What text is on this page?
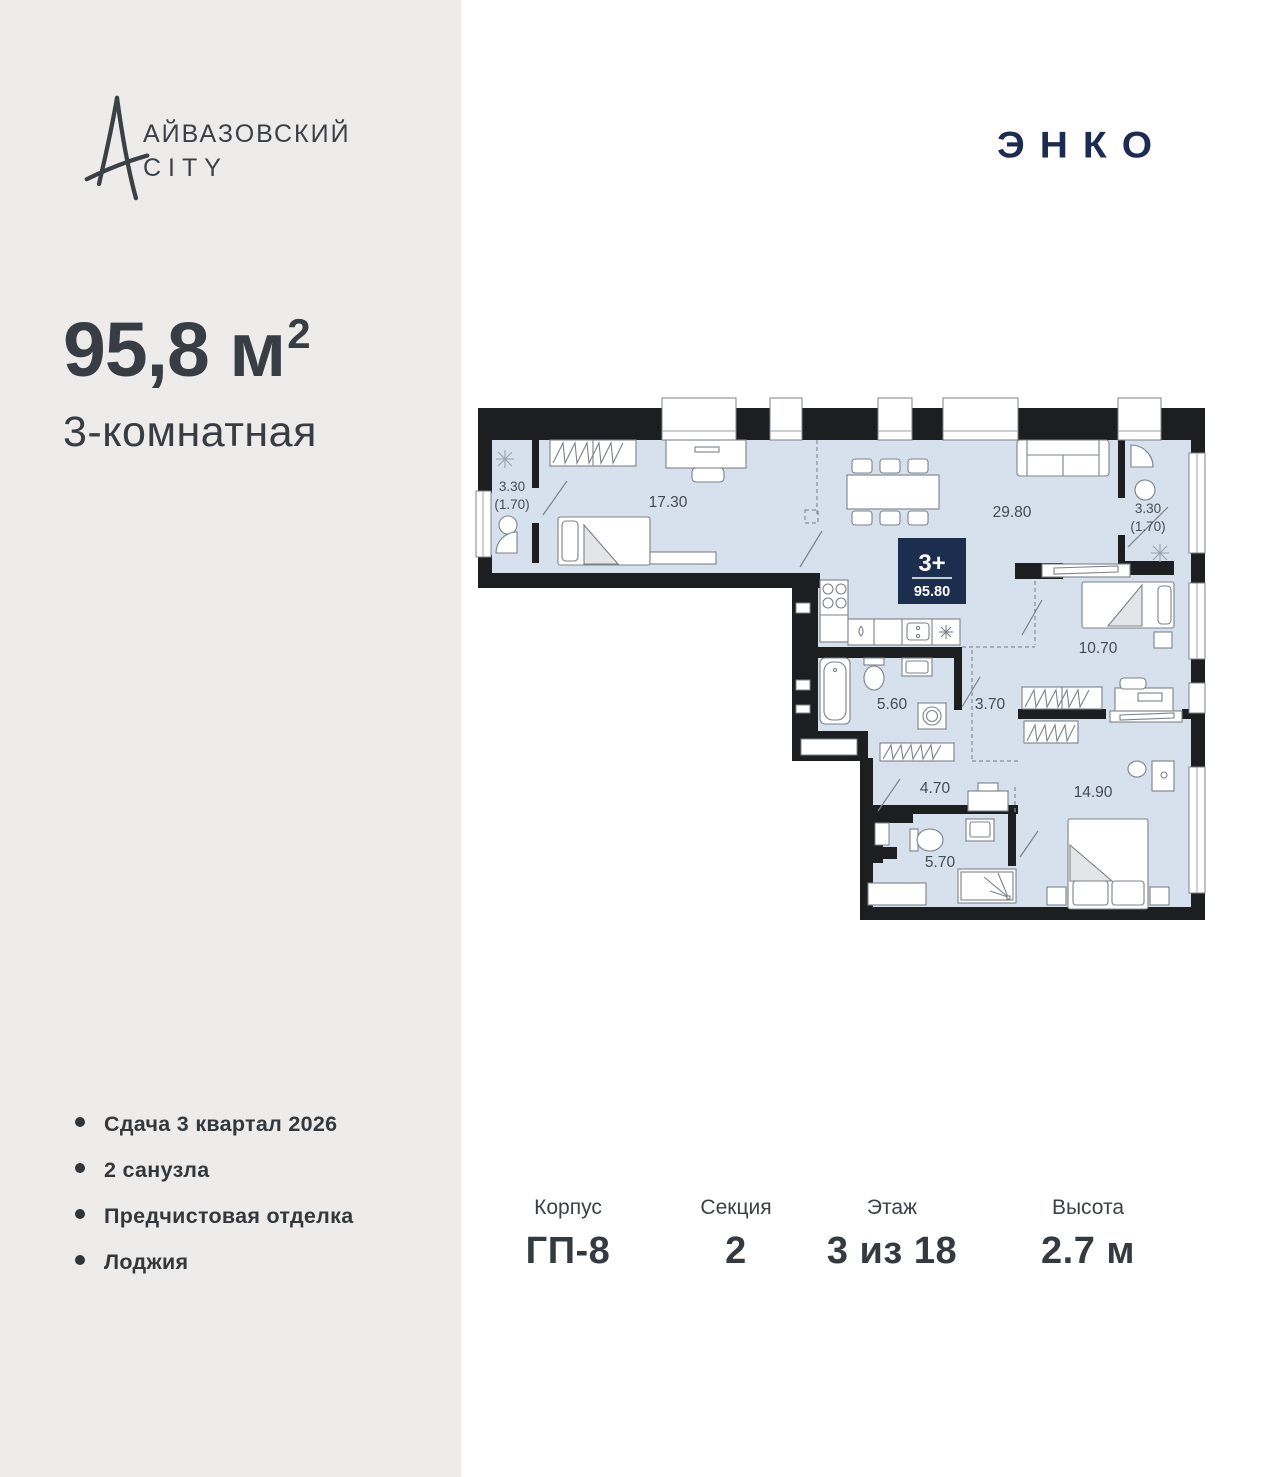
АЙВАЗОВСКИЙ
CITY
ЭНКО
95,8 $м^2$
3-комнатная
Сдача 3 квартал 2026
2 санузла
Предчистовая отделка
Лоджия
3+
95.80
3.30
(1.70)	17.30
29.80	3.30
(1.70)
10.70
5.60	3.70
4.70	14.90
5.70
Корпус
ГП-8
Секция
2
Этаж
3 из 18
Высота
2.7 м
